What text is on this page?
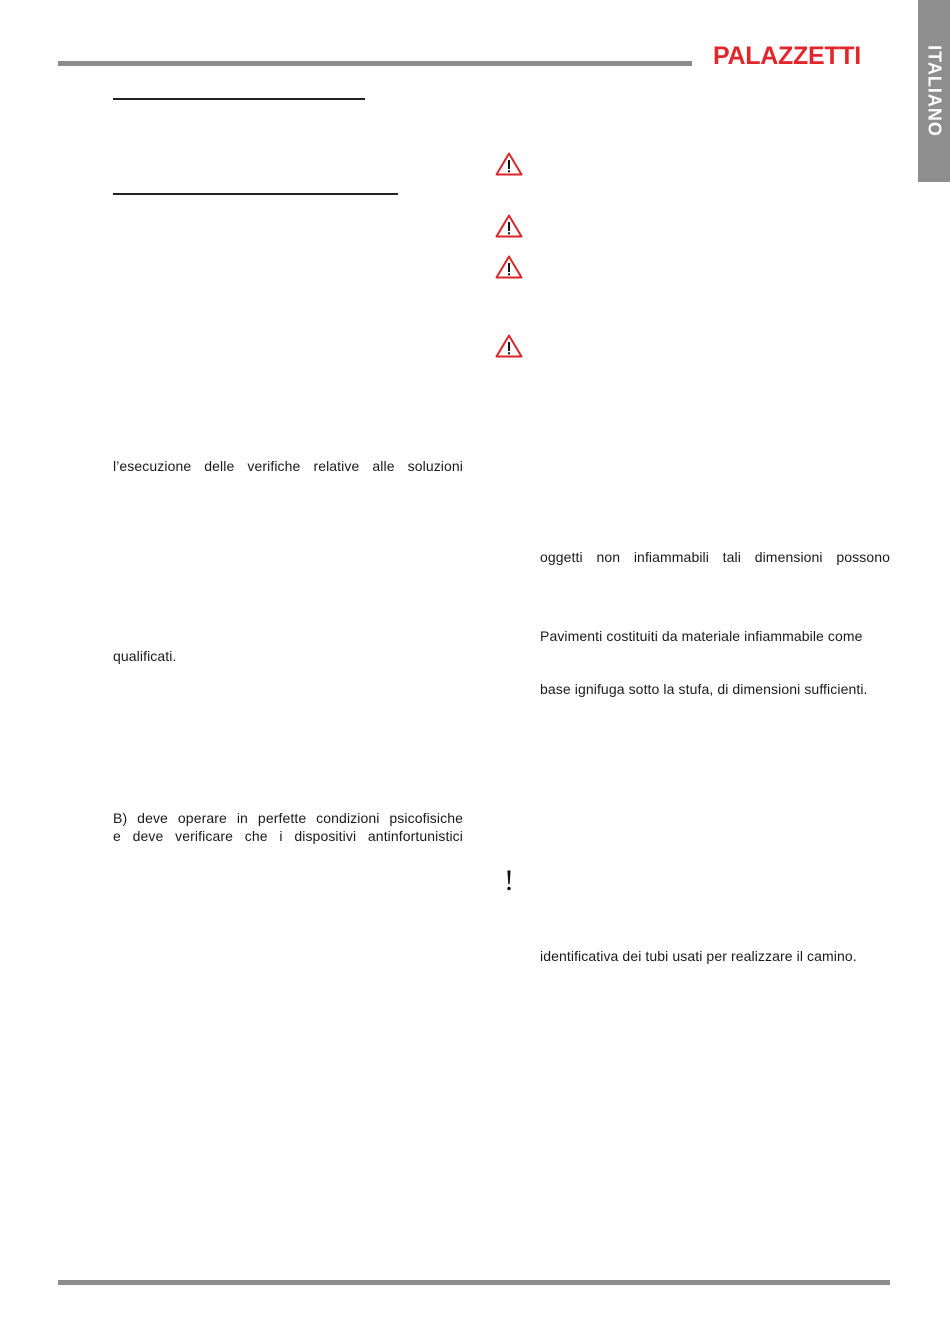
PALAZZETTI	ITALIANO
l’esecuzione delle verifiche relative alle soluzioni
qualificati.
B) deve operare in perfette condizioni psicofisiche
e deve verificare che i dispositivi antinfortunistici
oggetti non infiammabili tali dimensioni possono
Pavimenti costituiti da materiale infiammabile come
base ignifuga sotto la stufa, di dimensioni sufficienti.
!
identificativa dei tubi usati per realizzare il camino.
